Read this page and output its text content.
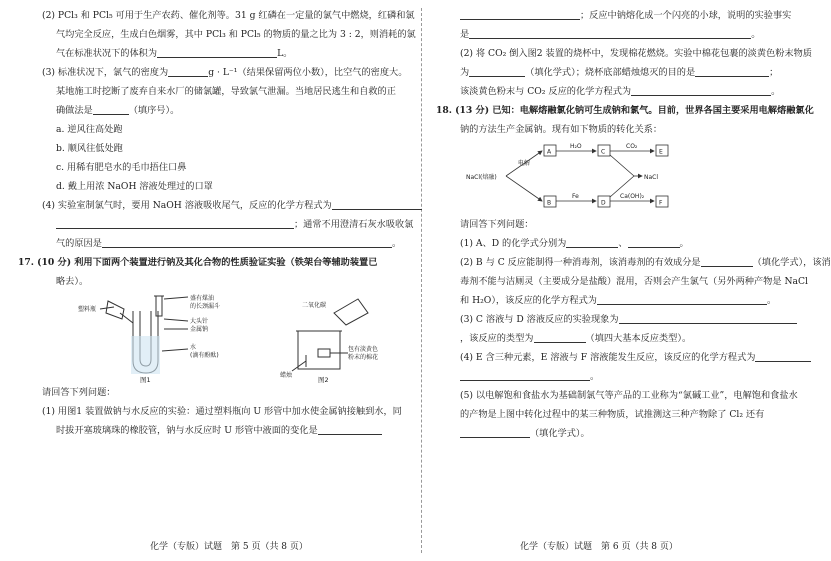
(2) PCl₃ 和 PCl₅ 可用于生产农药、催化剂等。31 g 红磷在一定量的氯气中燃烧，红磷和氯
气均完全反应，生成白色烟雾，其中 PCl₃ 和 PCl₅ 的物质的量之比为 3 : 2，则消耗的氯
气在标准状况下的体积为	L。
(3) 标准状况下，氯气的密度为	g · L⁻¹（结果保留两位小数），比空气的密度大。
某地施工时挖断了废弃自来水厂的储氯罐，导致氯气泄漏。当地居民逃生和自救的正
确做法是	（填序号）。
a. 逆风往高处跑
b. 顺风往低处跑
c. 用稀有肥皂水的毛巾捂住口鼻
d. 戴上用浓 NaOH 溶液处理过的口罩
(4) 实验室制氯气时，要用 NaOH 溶液吸收尾气，反应的化学方程式为
；通常不用澄清石灰水吸收氯
气的原因是	。
17. (10 分) 利用下面两个装置进行钠及其化合物的性质验证实验（铁架台等辅助装置已
略去）。
盛有煤油
的长颈漏斗
大头针
金属钠
水
(滴有酚酞)
塑料瓶
图1
二氧化碳
包有淡黄色
粉末的棉花
蜡烛
图2
请回答下列问题：
(1) 用图1 装置做钠与水反应的实验：通过塑料瓶向 U 形管中加水使金属钠接触到水，同
时拔开塞玻璃珠的橡胶管，钠与水反应时 U 形管中液面的变化是
化学（专版）试题　第 5 页（共 8 页）
；反应中钠熔化成一个闪亮的小球，说明的实验事实
是	。
(2) 将 CO₂ 倒入图2 装置的烧杯中，发现棉花燃烧。实验中棉花包裹的淡黄色粉末物质
为	（填化学式）；烧杯底部蜡烛熄灭的目的是	；
该淡黄色粉末与 CO₂ 反应的化学方程式为	。
18. (13 分) 已知：电解熔融氯化钠可生成钠和氯气。目前，世界各国主要采用电解熔融氯化
钠的方法生产金属钠。现有如下物质的转化关系：
NaCl(熔融)
电解
A
B
C
D
E
F
H₂O	CO₂
Fe
NaCl
Ca(OH)₂
请回答下列问题：
(1) A、D 的化学式分别为	、	。
(2) B 与 C 反应能制得一种消毒剂，该消毒剂的有效成分是	（填化学式），该消
毒剂不能与洁厕灵（主要成分是盐酸）混用，否则会产生氯气（另外两种产物是 NaCl
和 H₂O），该反应的化学方程式为	。
(3) C 溶液与 D 溶液反应的实验现象为
，该反应的类型为	（填四大基本反应类型）。
(4) E 含三种元素，E 溶液与 F 溶液能发生反应，该反应的化学方程式为
。
(5) 以电解饱和食盐水为基础制氯气等产品的工业称为“氯碱工业”，电解饱和食盐水
的产物是上图中转化过程中的某三种物质，试推测这三种产物除了 Cl₂ 还有
（填化学式）。
化学（专版）试题　第 6 页（共 8 页）
